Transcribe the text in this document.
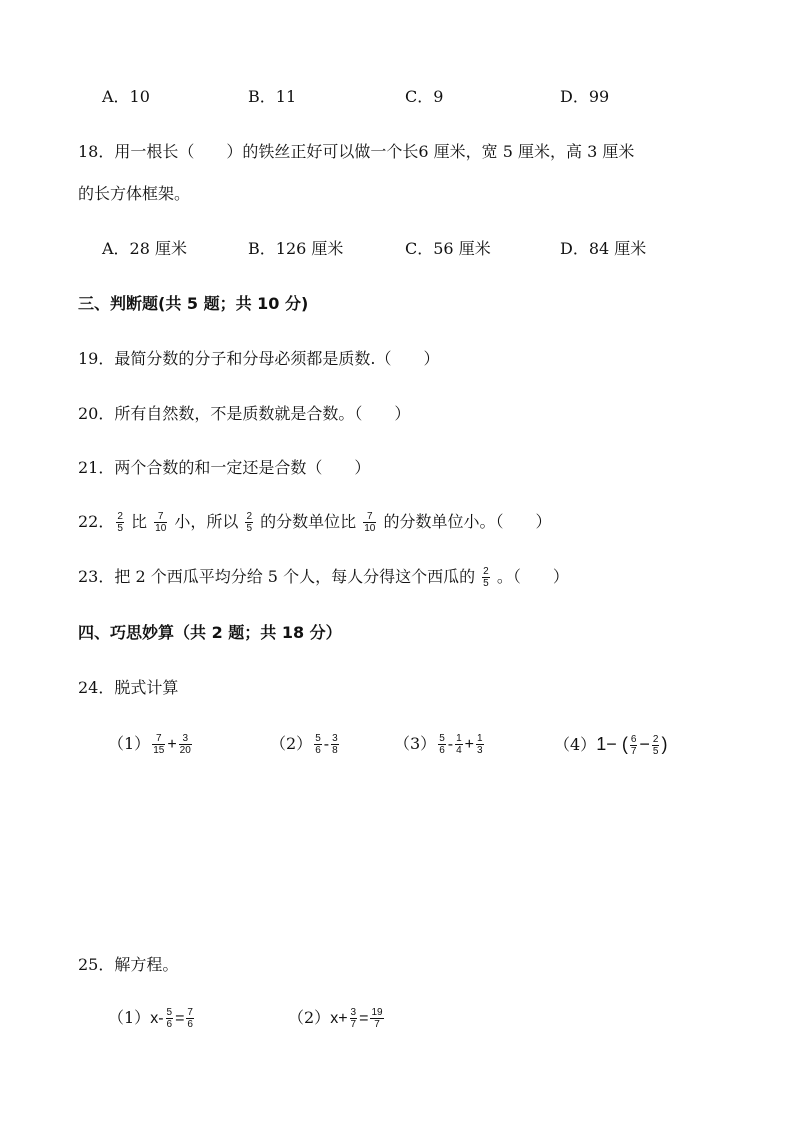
A．10	B．11	C．9	D．99
18．用一根长（　　）的铁丝正好可以做一个长6 厘米，宽 5 厘米，高 3 厘米
的长方体框架。
A．28 厘米	B．126 厘米	C．56 厘米	D．84 厘米
三、判断题(共 5 题；共 10 分)
19．最简分数的分子和分母必须都是质数.（　　）
20．所有自然数，不是质数就是合数。（　　）
21．两个合数的和一定还是合数（　　）
22． $\frac{2}{5}$ 比 $\frac{7}{10}$ 小，所以 $\frac{2}{5}$ 的分数单位比 $\frac{7}{10}$ 的分数单位小。（　　）
23．把 2 个西瓜平均分给 5 个人，每人分得这个西瓜的 $\frac{2}{5}$ 。（　　）
四、巧思妙算（共 2 题；共 18 分）
24．脱式计算
$(1) \frac{7}{15} + \frac{3}{20}$	$(2) \frac{5}{6} - \frac{3}{8}$	$(3) \frac{5}{6} - \frac{1}{4} + \frac{1}{3}$	（4）1− ( $\frac{6}{7} - \frac{2}{5}$ )
25．解方程。
$(1)x- \frac{5}{6} = \frac{7}{6}$	$(2)x+ \frac{3}{7} = \frac{19}{7}$
